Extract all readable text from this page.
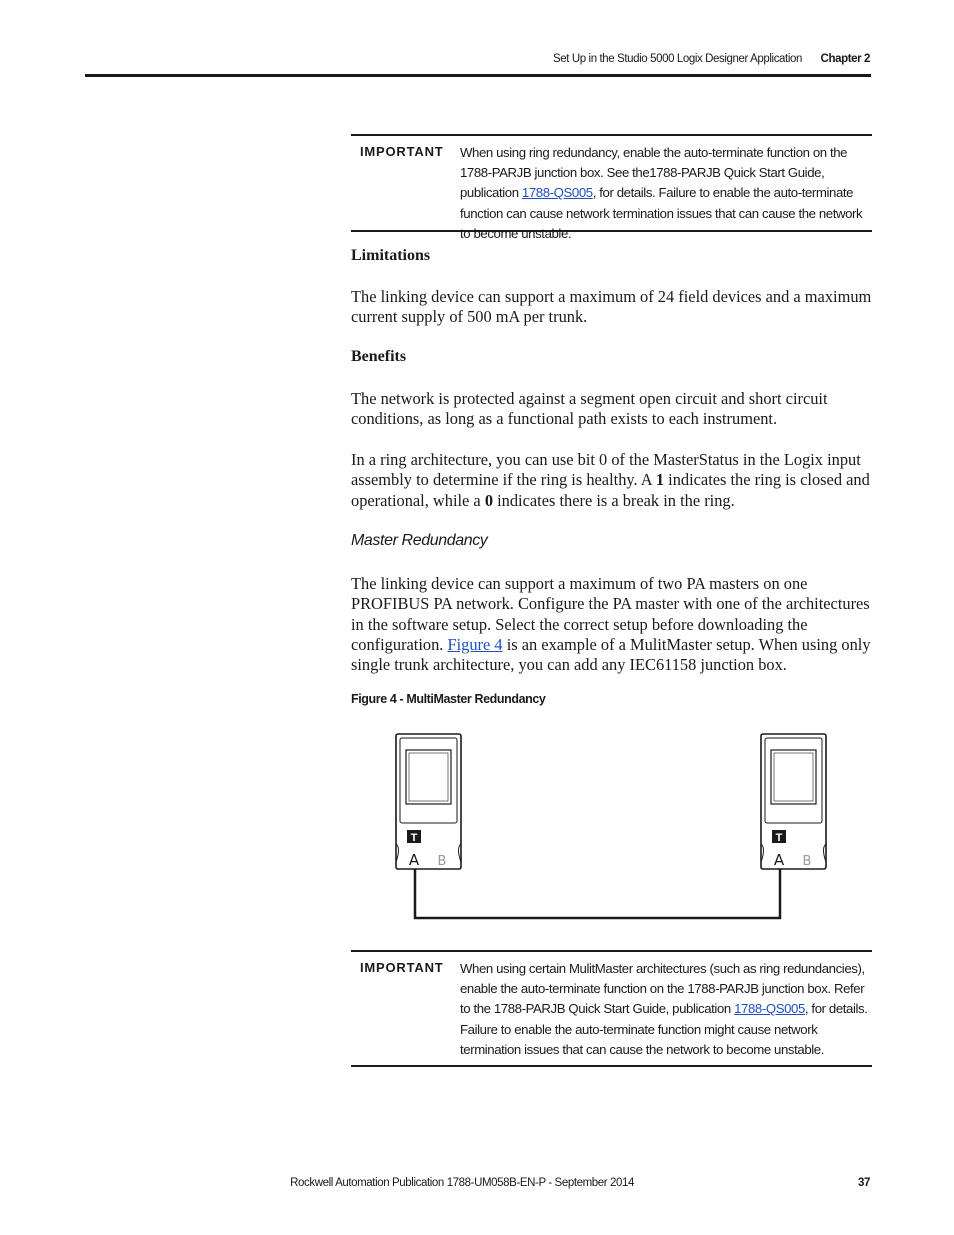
Set Up in the Studio 5000 Logix Designer Application Chapter 2
IMPORTANT When using ring redundancy, enable the auto-terminate function on the 1788-PARJB junction box. See the1788-PARJB Quick Start Guide, publication 1788-QS005, for details. Failure to enable the auto-terminate function can cause network termination issues that can cause the network to become unstable.
Limitations
The linking device can support a maximum of 24 field devices and a maximum current supply of 500 mA per trunk.
Benefits
The network is protected against a segment open circuit and short circuit conditions, as long as a functional path exists to each instrument.
In a ring architecture, you can use bit 0 of the MasterStatus in the Logix input assembly to determine if the ring is healthy. A 1 indicates the ring is closed and operational, while a 0 indicates there is a break in the ring.
Master Redundancy
The linking device can support a maximum of two PA masters on one PROFIBUS PA network. Configure the PA master with one of the architectures in the software setup. Select the correct setup before downloading the configuration. Figure 4 is an example of a MulitMaster setup. When using only single trunk architecture, you can add any IEC61158 junction box.
Figure 4 - MultiMaster Redundancy
T
A B
T
A B
IMPORTANT When using certain MulitMaster architectures (such as ring redundancies), enable the auto-terminate function on the 1788-PARJB junction box. Refer to the 1788-PARJB Quick Start Guide, publication 1788-QS005, for details. Failure to enable the auto-terminate function might cause network termination issues that can cause the network to become unstable.
Rockwell Automation Publication 1788-UM058B-EN-P - September 2014	37
